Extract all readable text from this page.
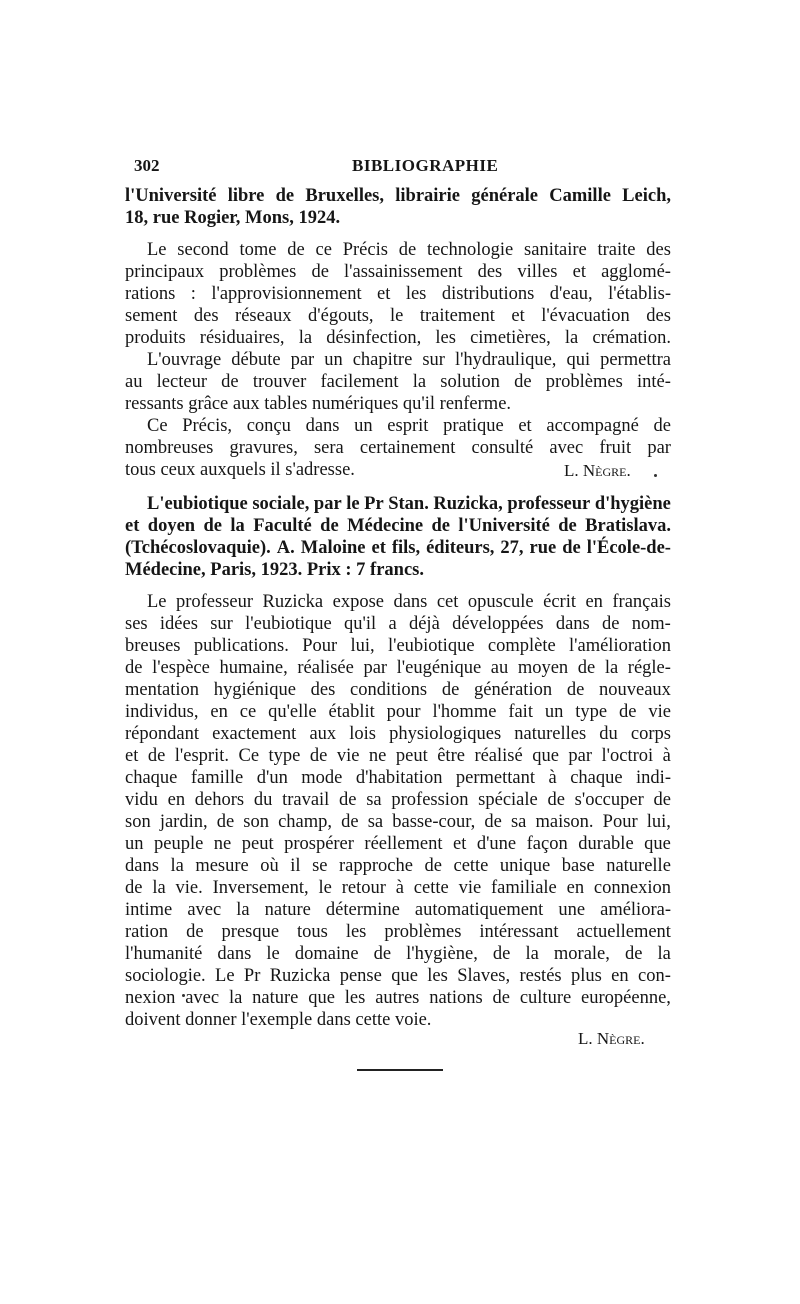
302	BIBLIOGRAPHIE
l'Université libre de Bruxelles, librairie générale Camille Leich,
18, rue Rogier, Mons, 1924.
Le second tome de ce Précis de technologie sanitaire traite des
principaux problèmes de l'assainissement des villes et agglomé-
rations : l'approvisionnement et les distributions d'eau, l'établis-
sement des réseaux d'égouts, le traitement et l'évacuation des
produits résiduaires, la désinfection, les cimetières, la crémation.
L'ouvrage débute par un chapitre sur l'hydraulique, qui permettra
au lecteur de trouver facilement la solution de problèmes inté-
ressants grâce aux tables numériques qu'il renferme.
Ce Précis, conçu dans un esprit pratique et accompagné de
nombreuses gravures, sera certainement consulté avec fruit par
tous ceux auxquels il s'adresse.	L. Nègre.
L'eubiotique sociale, par le Pr Stan. Ruzicka, professeur d'hygiène
et doyen de la Faculté de Médecine de l'Université de Bratislava.
(Tchécoslovaquie). A. Maloine et fils, éditeurs, 27, rue de l'École-de-
Médecine, Paris, 1923. Prix : 7 francs.
Le professeur Ruzicka expose dans cet opuscule écrit en français
ses idées sur l'eubiotique qu'il a déjà développées dans de nom-
breuses publications. Pour lui, l'eubiotique complète l'amélioration
de l'espèce humaine, réalisée par l'eugénique au moyen de la régle-
mentation hygiénique des conditions de génération de nouveaux
individus, en ce qu'elle établit pour l'homme fait un type de vie
répondant exactement aux lois physiologiques naturelles du corps
et de l'esprit. Ce type de vie ne peut être réalisé que par l'octroi à
chaque famille d'un mode d'habitation permettant à chaque indi-
vidu en dehors du travail de sa profession spéciale de s'occuper de
son jardin, de son champ, de sa basse-cour, de sa maison. Pour lui,
un peuple ne peut prospérer réellement et d'une façon durable que
dans la mesure où il se rapproche de cette unique base naturelle
de la vie. Inversement, le retour à cette vie familiale en connexion
intime avec la nature détermine automatiquement une améliora-
ration de presque tous les problèmes intéressant actuellement
l'humanité dans le domaine de l'hygiène, de la morale, de la
sociologie. Le Pr Ruzicka pense que les Slaves, restés plus en con-
nexion avec la nature que les autres nations de culture européenne,
doivent donner l'exemple dans cette voie.
L. Nègre.
